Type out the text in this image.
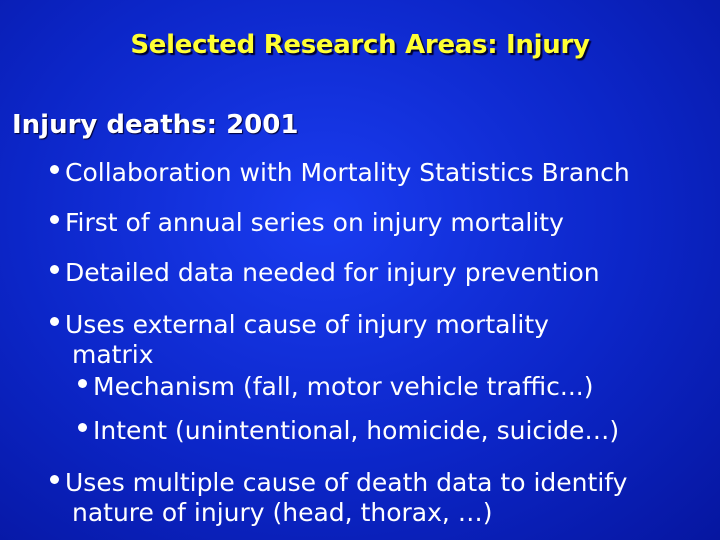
Selected Research Areas: Injury
Injury deaths: 2001
Collaboration with Mortality Statistics Branch
First of annual series on injury mortality
Detailed data needed for injury prevention
Uses external cause of injury mortality
matrix
Mechanism (fall, motor vehicle traffic...)
Intent (unintentional, homicide, suicide…)
Uses multiple cause of death data to identify
nature of injury (head, thorax, …)
